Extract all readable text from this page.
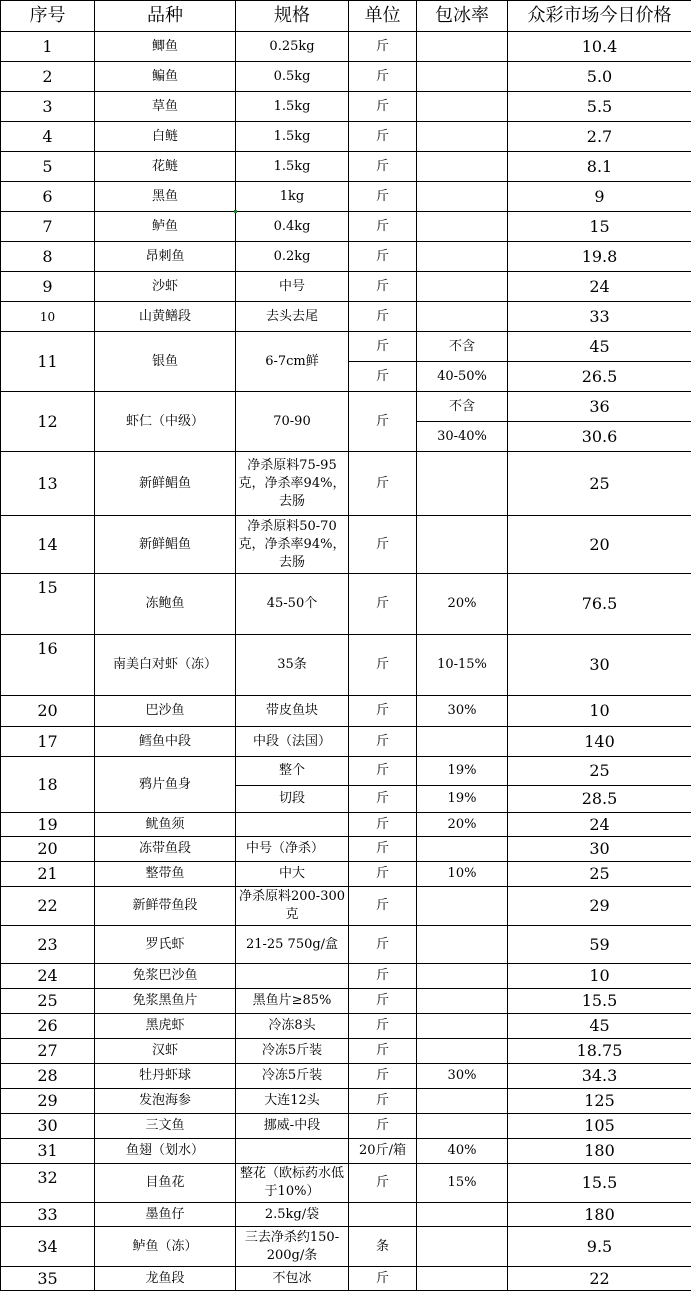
序号	品种	规格	单位	包冰率	众彩市场今日价格
1	鲫鱼	0.25kg	斤		10.4
2	鳊鱼	0.5kg	斤		5.0
3	草鱼	1.5kg	斤		5.5
4	白鲢	1.5kg	斤		2.7
5	花鲢	1.5kg	斤		8.1
6	黑鱼	1kg	斤		9
7	鲈鱼	0.4kg	斤		15
8	昂刺鱼	0.2kg	斤		19.8
9	沙虾	中号	斤		24
10	山黄鳝段	去头去尾	斤		33
11	银鱼	6-7cm鲜	斤	不含	45
			斤	40-50%	26.5
12	虾仁（中级）	70-90	斤	不含	36
				30-40%	30.6
13	新鲜鲳鱼	净杀原料75-95克，净杀率94%，去肠	斤		25
14	新鲜鲳鱼	净杀原料50-70克，净杀率94%，去肠	斤		20
15	冻鲍鱼	45-50个	斤	20%	76.5
16	南美白对虾（冻）	35条	斤	10-15%	30
20	巴沙鱼	带皮鱼块	斤	30%	10
17	鳕鱼中段	中段（法国）	斤		140
18	鸦片鱼身	整个	斤	19%	25
		切段	斤	19%	28.5
19	鱿鱼须		斤	20%	24
20	冻带鱼段	中号（净杀）	斤		30
21	整带鱼	中大	斤	10%	25
22	新鲜带鱼段	净杀原料200-300克	斤		29
23	罗氏虾	21-25 750g/盒	斤		59
24	免浆巴沙鱼		斤		10
25	免浆黑鱼片	黑鱼片≥85%	斤		15.5
26	黑虎虾	冷冻8头	斤		45
27	汉虾	冷冻5斤装	斤		18.75
28	牡丹虾球	冷冻5斤装	斤	30%	34.3
29	发泡海参	大连12头	斤		125
30	三文鱼	挪威-中段	斤		105
31	鱼翅（划水）		20斤/箱	40%	180
32	目鱼花	整花（欧标药水低于10%）	斤	15%	15.5
33	墨鱼仔	2.5kg/袋			180
34	鲈鱼（冻）	三去净杀约150-200g/条	条		9.5
35	龙鱼段	不包冰	斤		22
